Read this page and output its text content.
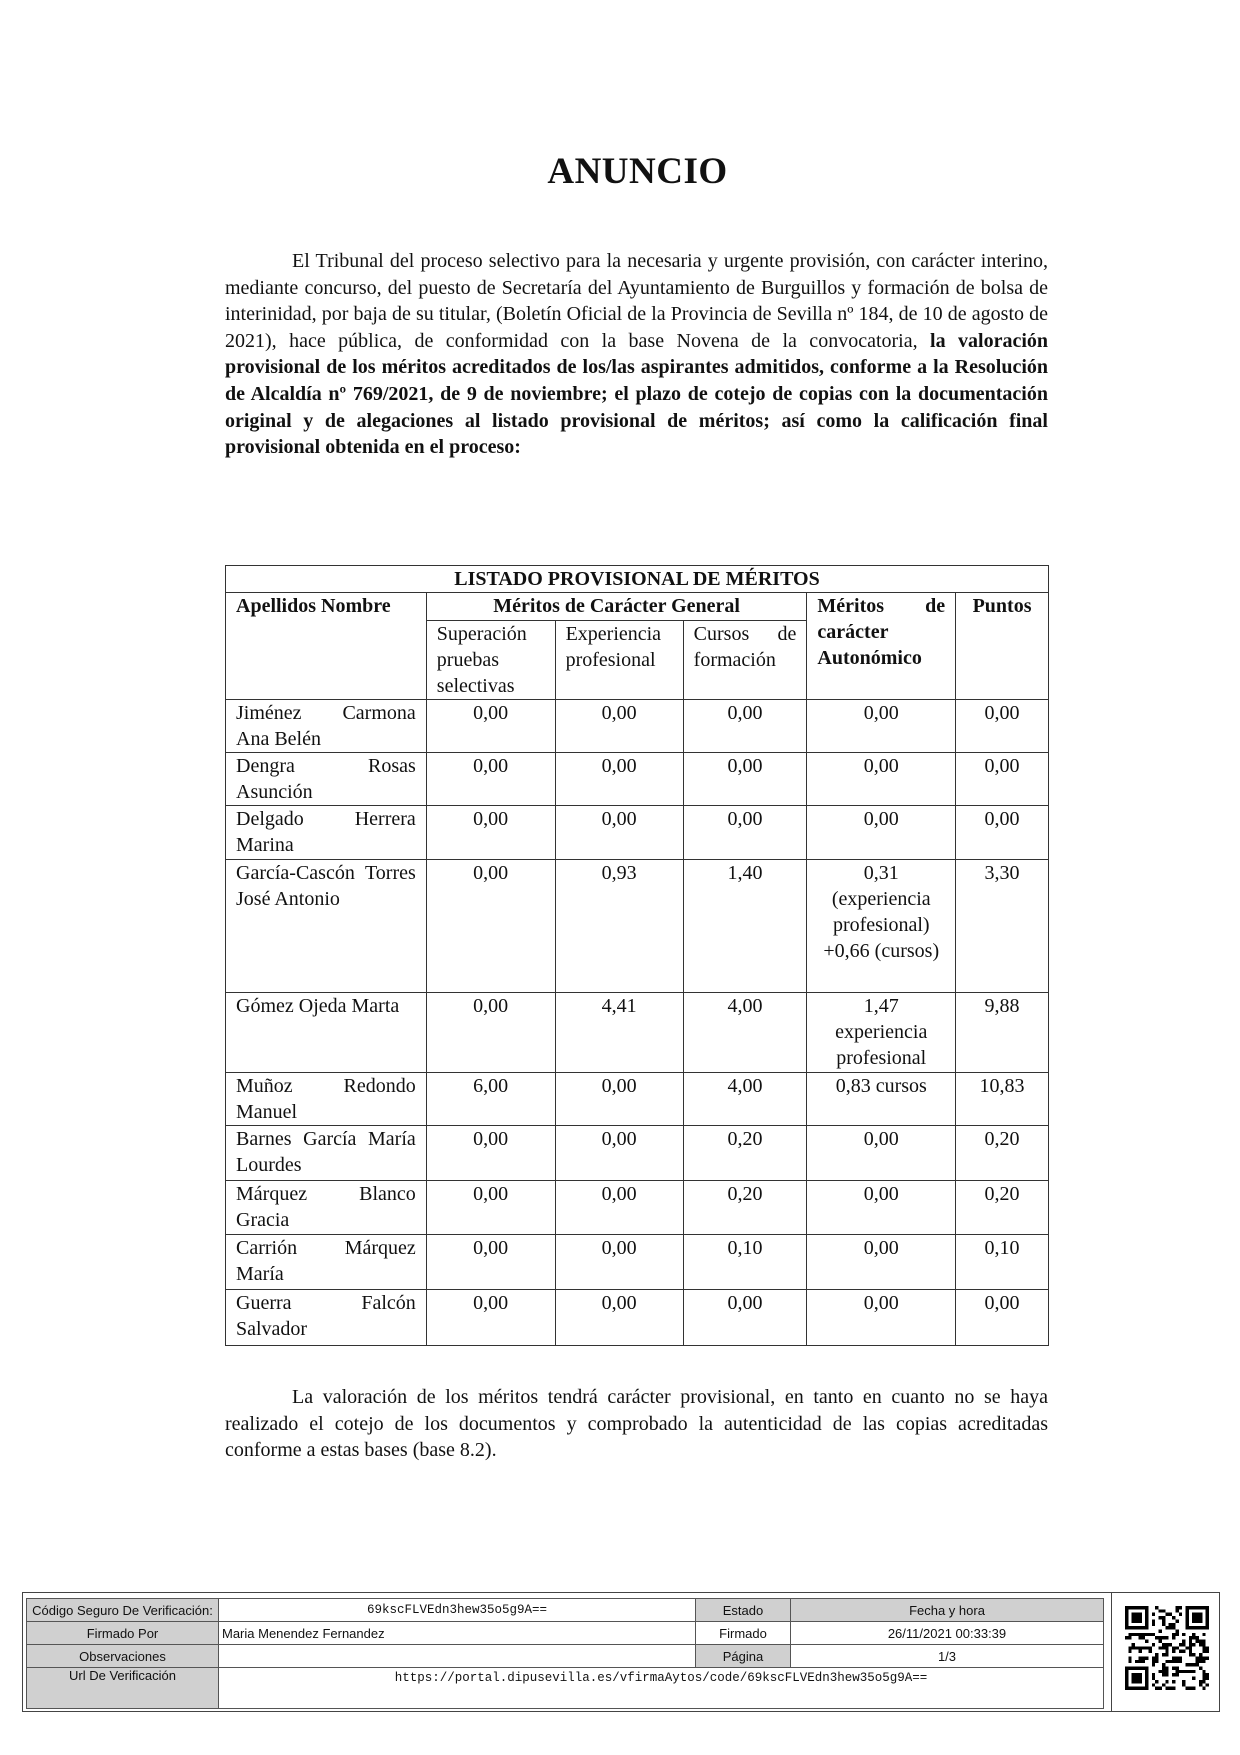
ANUNCIO
El Tribunal del proceso selectivo para la necesaria y urgente provisión, con carácter interino, mediante concurso, del puesto de Secretaría del Ayuntamiento de Burguillos y formación de bolsa de interinidad, por baja de su titular, (Boletín Oficial de la Provincia de Sevilla nº 184, de 10 de agosto de 2021), hace pública, de conformidad con la base Novena de la convocatoria, la valoración provisional de los méritos acreditados de los/las aspirantes admitidos, conforme a la Resolución de Alcaldía nº 769/2021, de 9 de noviembre; el plazo de cotejo de copias con la documentación original y de alegaciones al listado provisional de méritos; así como la calificación final provisional obtenida en el proceso:
LISTADO PROVISIONAL DE MÉRITOS					
Apellidos Nombre	Méritos de Carácter General			Méritos de carácter Autonómico	Puntos
	Superación pruebas selectivas	Experiencia profesional	Cursos de formación		
Jiménez Carmona Ana Belén	0,00	0,00	0,00	0,00	0,00
Dengra Rosas Asunción	0,00	0,00	0,00	0,00	0,00
Delgado Herrera Marina	0,00	0,00	0,00	0,00	0,00
García-Cascón Torres José Antonio	0,00	0,93	1,40	0,31 (experiencia profesional) +0,66 (cursos)	3,30
Gómez Ojeda Marta	0,00	4,41	4,00	1,47 experiencia profesional	9,88
Muñoz Redondo Manuel	6,00	0,00	4,00	0,83 cursos	10,83
Barnes García María Lourdes	0,00	0,00	0,20	0,00	0,20
Márquez Blanco Gracia	0,00	0,00	0,20	0,00	0,20
Carrión Márquez María	0,00	0,00	0,10	0,00	0,10
Guerra Falcón Salvador	0,00	0,00	0,00	0,00	0,00
La valoración de los méritos tendrá carácter provisional, en tanto en cuanto no se haya realizado el cotejo de los documentos y comprobado la autenticidad de las copias acreditadas conforme a estas bases (base 8.2).
Código Seguro De Verificación:	69kscFLVEdn3hew35o5g9A==	Estado	Fecha y hora
Firmado Por	Maria Menendez Fernandez	Firmado	26/11/2021 00:33:39
Observaciones		Página	1/3
Url De Verificación	https://portal.dipusevilla.es/vfirmaAytos/code/69kscFLVEdn3hew35o5g9A==		
